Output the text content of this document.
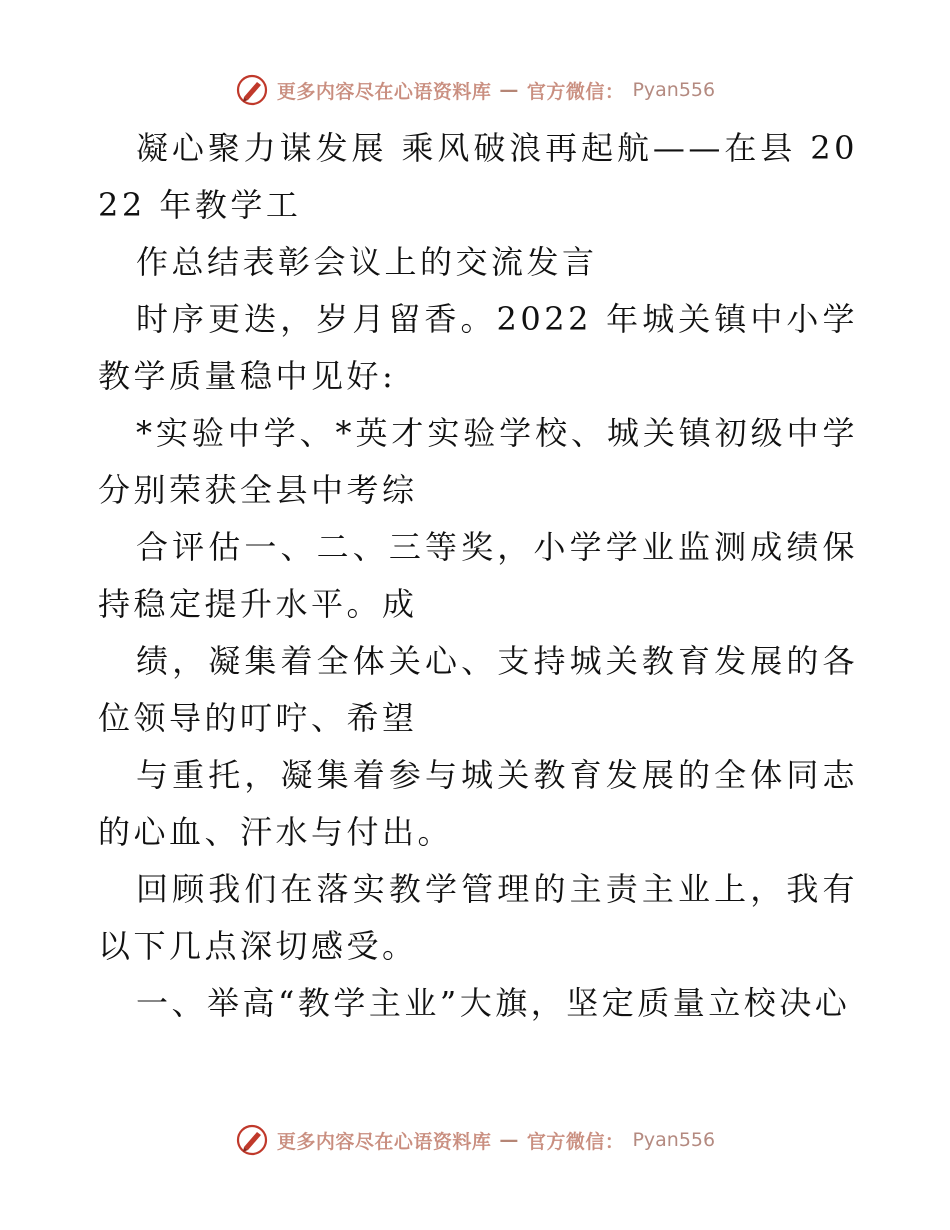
更多内容尽在心语资料库 — 官方微信： Pyan556

凝心聚力谋发展 乘风破浪再起航——在县 2022 年教学工

作总结表彰会议上的交流发言

时序更迭，岁月留香。2022 年城关镇中小学教学质量稳中见好:

*实验中学、*英才实验学校、城关镇初级中学分别荣获全县中考综

合评估一、二、三等奖，小学学业监测成绩保持稳定提升水平。成

绩，凝集着全体关心、支持城关教育发展的各位领导的叮咛、希望

与重托，凝集着参与城关教育发展的全体同志的心血、汗水与付出。

回顾我们在落实教学管理的主责主业上，我有以下几点深切感受。

一、举高“教学主业”大旗，坚定质量立校决心

更多内容尽在心语资料库 — 官方微信： Pyan556
